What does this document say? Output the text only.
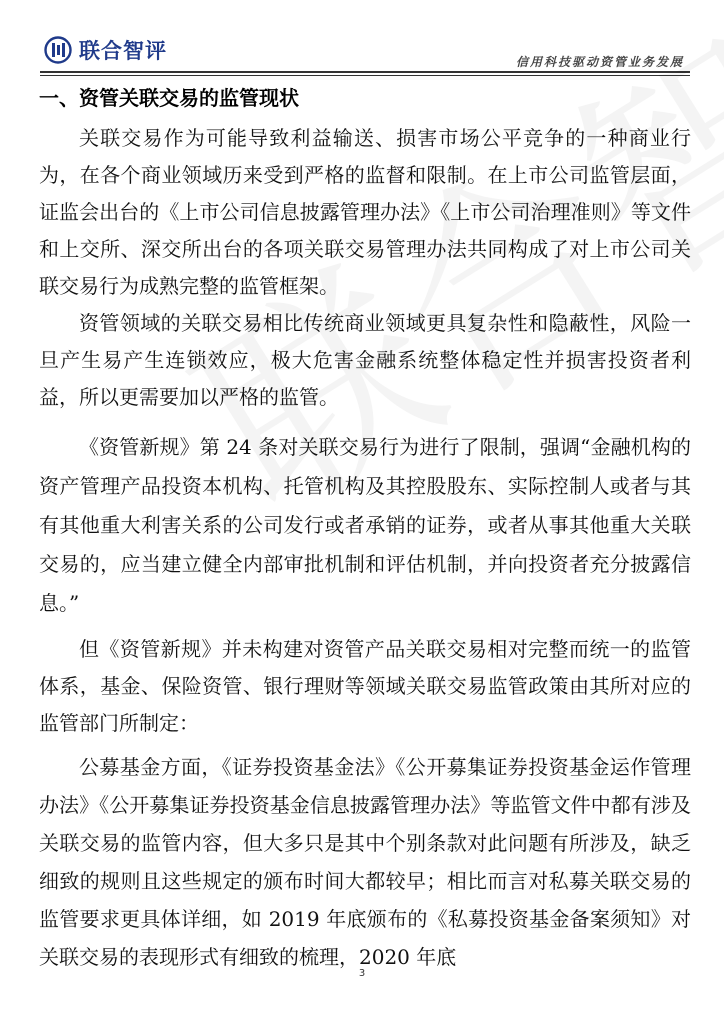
联合智评	信用科技驱动资管业务发展
一、资管关联交易的监管现状

关联交易作为可能导致利益输送、损害市场公平竞争的一种商业行为，在各个商业领域历来受到严格的监督和限制。在上市公司监管层面，证监会出台的《上市公司信息披露管理办法》《上市公司治理准则》等文件和上交所、深交所出台的各项关联交易管理办法共同构成了对上市公司关联交易行为成熟完整的监管框架。

资管领域的关联交易相比传统商业领域更具复杂性和隐蔽性，风险一旦产生易产生连锁效应，极大危害金融系统整体稳定性并损害投资者利益，所以更需要加以严格的监管。

《资管新规》第 24 条对关联交易行为进行了限制，强调“金融机构的资产管理产品投资本机构、托管机构及其控股股东、实际控制人或者与其有其他重大利害关系的公司发行或者承销的证券，或者从事其他重大关联交易的，应当建立健全内部审批机制和评估机制，并向投资者充分披露信息。”

但《资管新规》并未构建对资管产品关联交易相对完整而统一的监管体系，基金、保险资管、银行理财等领域关联交易监管政策由其所对应的监管部门所制定：

公募基金方面，《证券投资基金法》《公开募集证券投资基金运作管理办法》《公开募集证券投资基金信息披露管理办法》等监管文件中都有涉及关联交易的监管内容，但大多只是其中个别条款对此问题有所涉及，缺乏细致的规则且这些规定的颁布时间大都较早；相比而言对私募关联交易的监管要求更具体详细，如 2019 年底颁布的《私募投资基金备案须知》对关联交易的表现形式有细致的梳理，2020 年底

3
